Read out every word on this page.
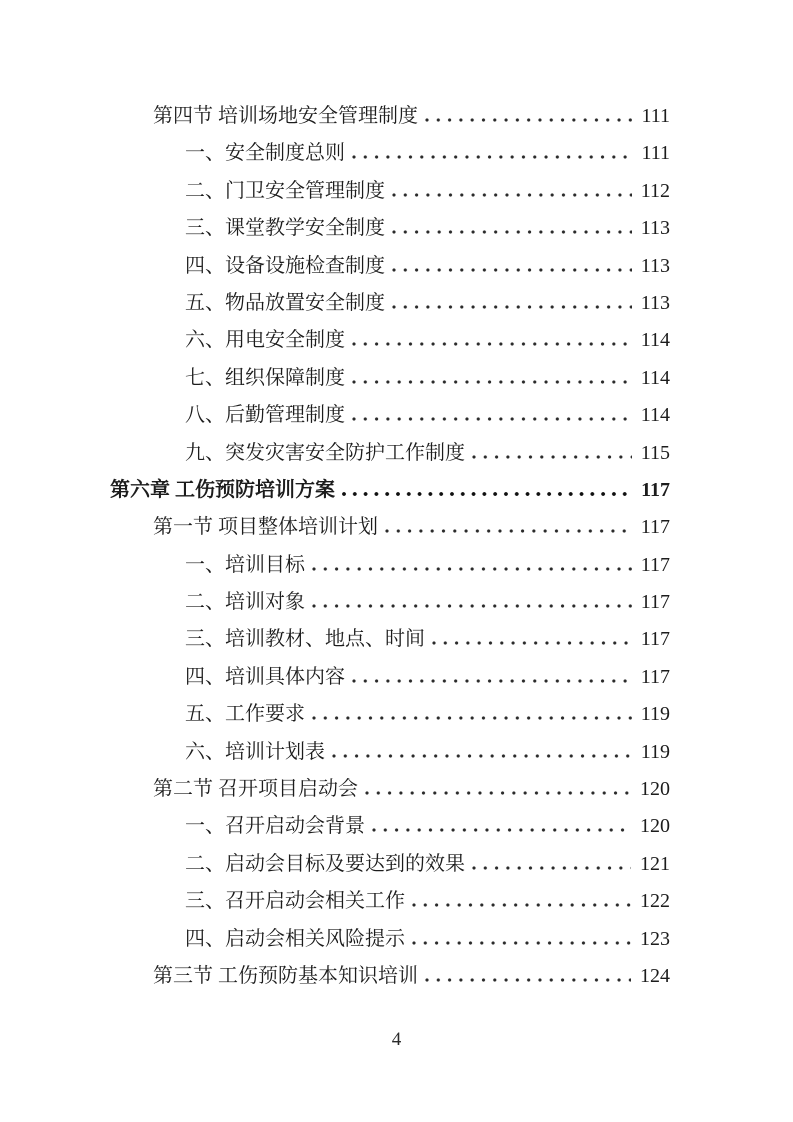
第四节 培训场地安全管理制度	111
一、安全制度总则	111
二、门卫安全管理制度	112
三、课堂教学安全制度	113
四、设备设施检查制度	113
五、物品放置安全制度	113
六、用电安全制度	114
七、组织保障制度	114
八、后勤管理制度	114
九、突发灾害安全防护工作制度	115
第六章 工伤预防培训方案	117
第一节 项目整体培训计划	117
一、培训目标	117
二、培训对象	117
三、培训教材、地点、时间	117
四、培训具体内容	117
五、工作要求	119
六、培训计划表	119
第二节 召开项目启动会	120
一、召开启动会背景	120
二、启动会目标及要达到的效果	121
三、召开启动会相关工作	122
四、启动会相关风险提示	123
第三节 工伤预防基本知识培训	124
4
